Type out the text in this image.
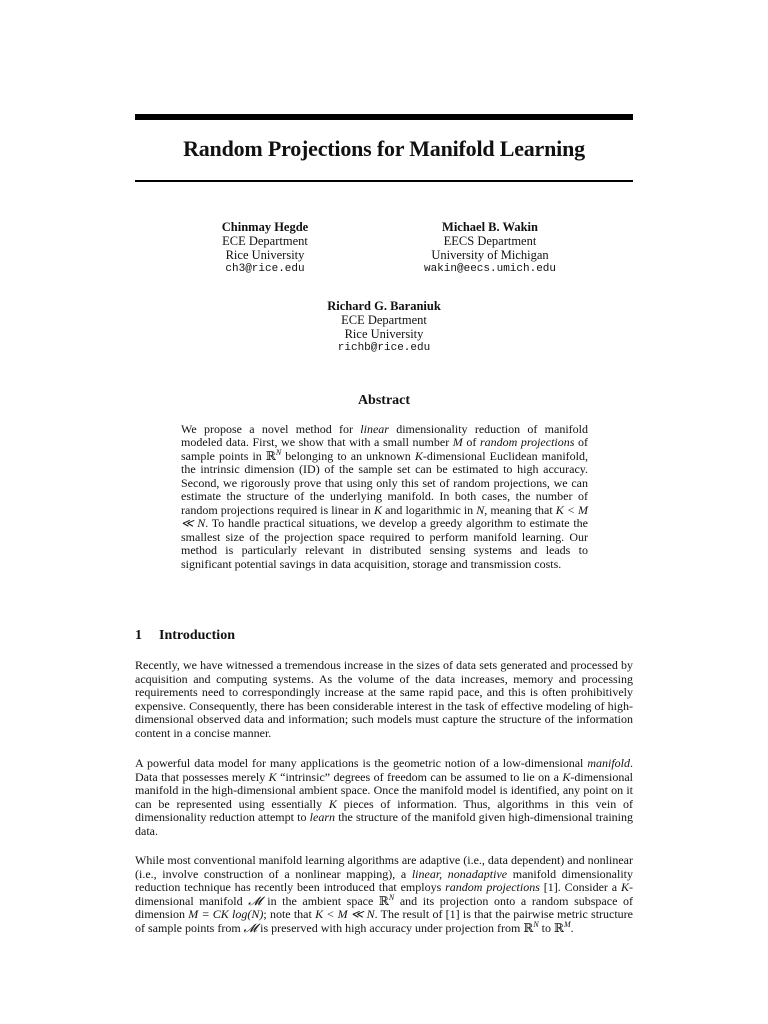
Random Projections for Manifold Learning
Chinmay Hegde
ECE Department
Rice University
ch3@rice.edu
Michael B. Wakin
EECS Department
University of Michigan
wakin@eecs.umich.edu
Richard G. Baraniuk
ECE Department
Rice University
richb@rice.edu
Abstract
We propose a novel method for linear dimensionality reduction of manifold modeled data. First, we show that with a small number M of random projections of sample points in ℝ$^N$ belonging to an unknown K-dimensional Euclidean manifold, the intrinsic dimension (ID) of the sample set can be estimated to high accuracy. Second, we rigorously prove that using only this set of random projections, we can estimate the structure of the underlying manifold. In both cases, the number of random projections required is linear in K and logarithmic in N, meaning that K < M ≪ N. To handle practical situations, we develop a greedy algorithm to estimate the smallest size of the projection space required to perform manifold learning. Our method is particularly relevant in distributed sensing systems and leads to significant potential savings in data acquisition, storage and transmission costs.
1 Introduction

Recently, we have witnessed a tremendous increase in the sizes of data sets generated and processed by acquisition and computing systems. As the volume of the data increases, memory and processing requirements need to correspondingly increase at the same rapid pace, and this is often prohibitively expensive. Consequently, there has been considerable interest in the task of effective modeling of high-dimensional observed data and information; such models must capture the structure of the information content in a concise manner.

A powerful data model for many applications is the geometric notion of a low-dimensional manifold. Data that possesses merely K “intrinsic” degrees of freedom can be assumed to lie on a K-dimensional manifold in the high-dimensional ambient space. Once the manifold model is identified, any point on it can be represented using essentially K pieces of information. Thus, algorithms in this vein of dimensionality reduction attempt to learn the structure of the manifold given high-dimensional training data.

While most conventional manifold learning algorithms are adaptive (i.e., data dependent) and nonlinear (i.e., involve construction of a nonlinear mapping), a linear, nonadaptive manifold dimensionality reduction technique has recently been introduced that employs random projections [1]. Consider a K-dimensional manifold 𝓜 in the ambient space ℝ$^N$ and its projection onto a random subspace of dimension M = CK log(N); note that K < M ≪ N. The result of [1] is that the pairwise metric structure of sample points from 𝓜 is preserved with high accuracy under projection from ℝ$^N$ to ℝ$^M$.
